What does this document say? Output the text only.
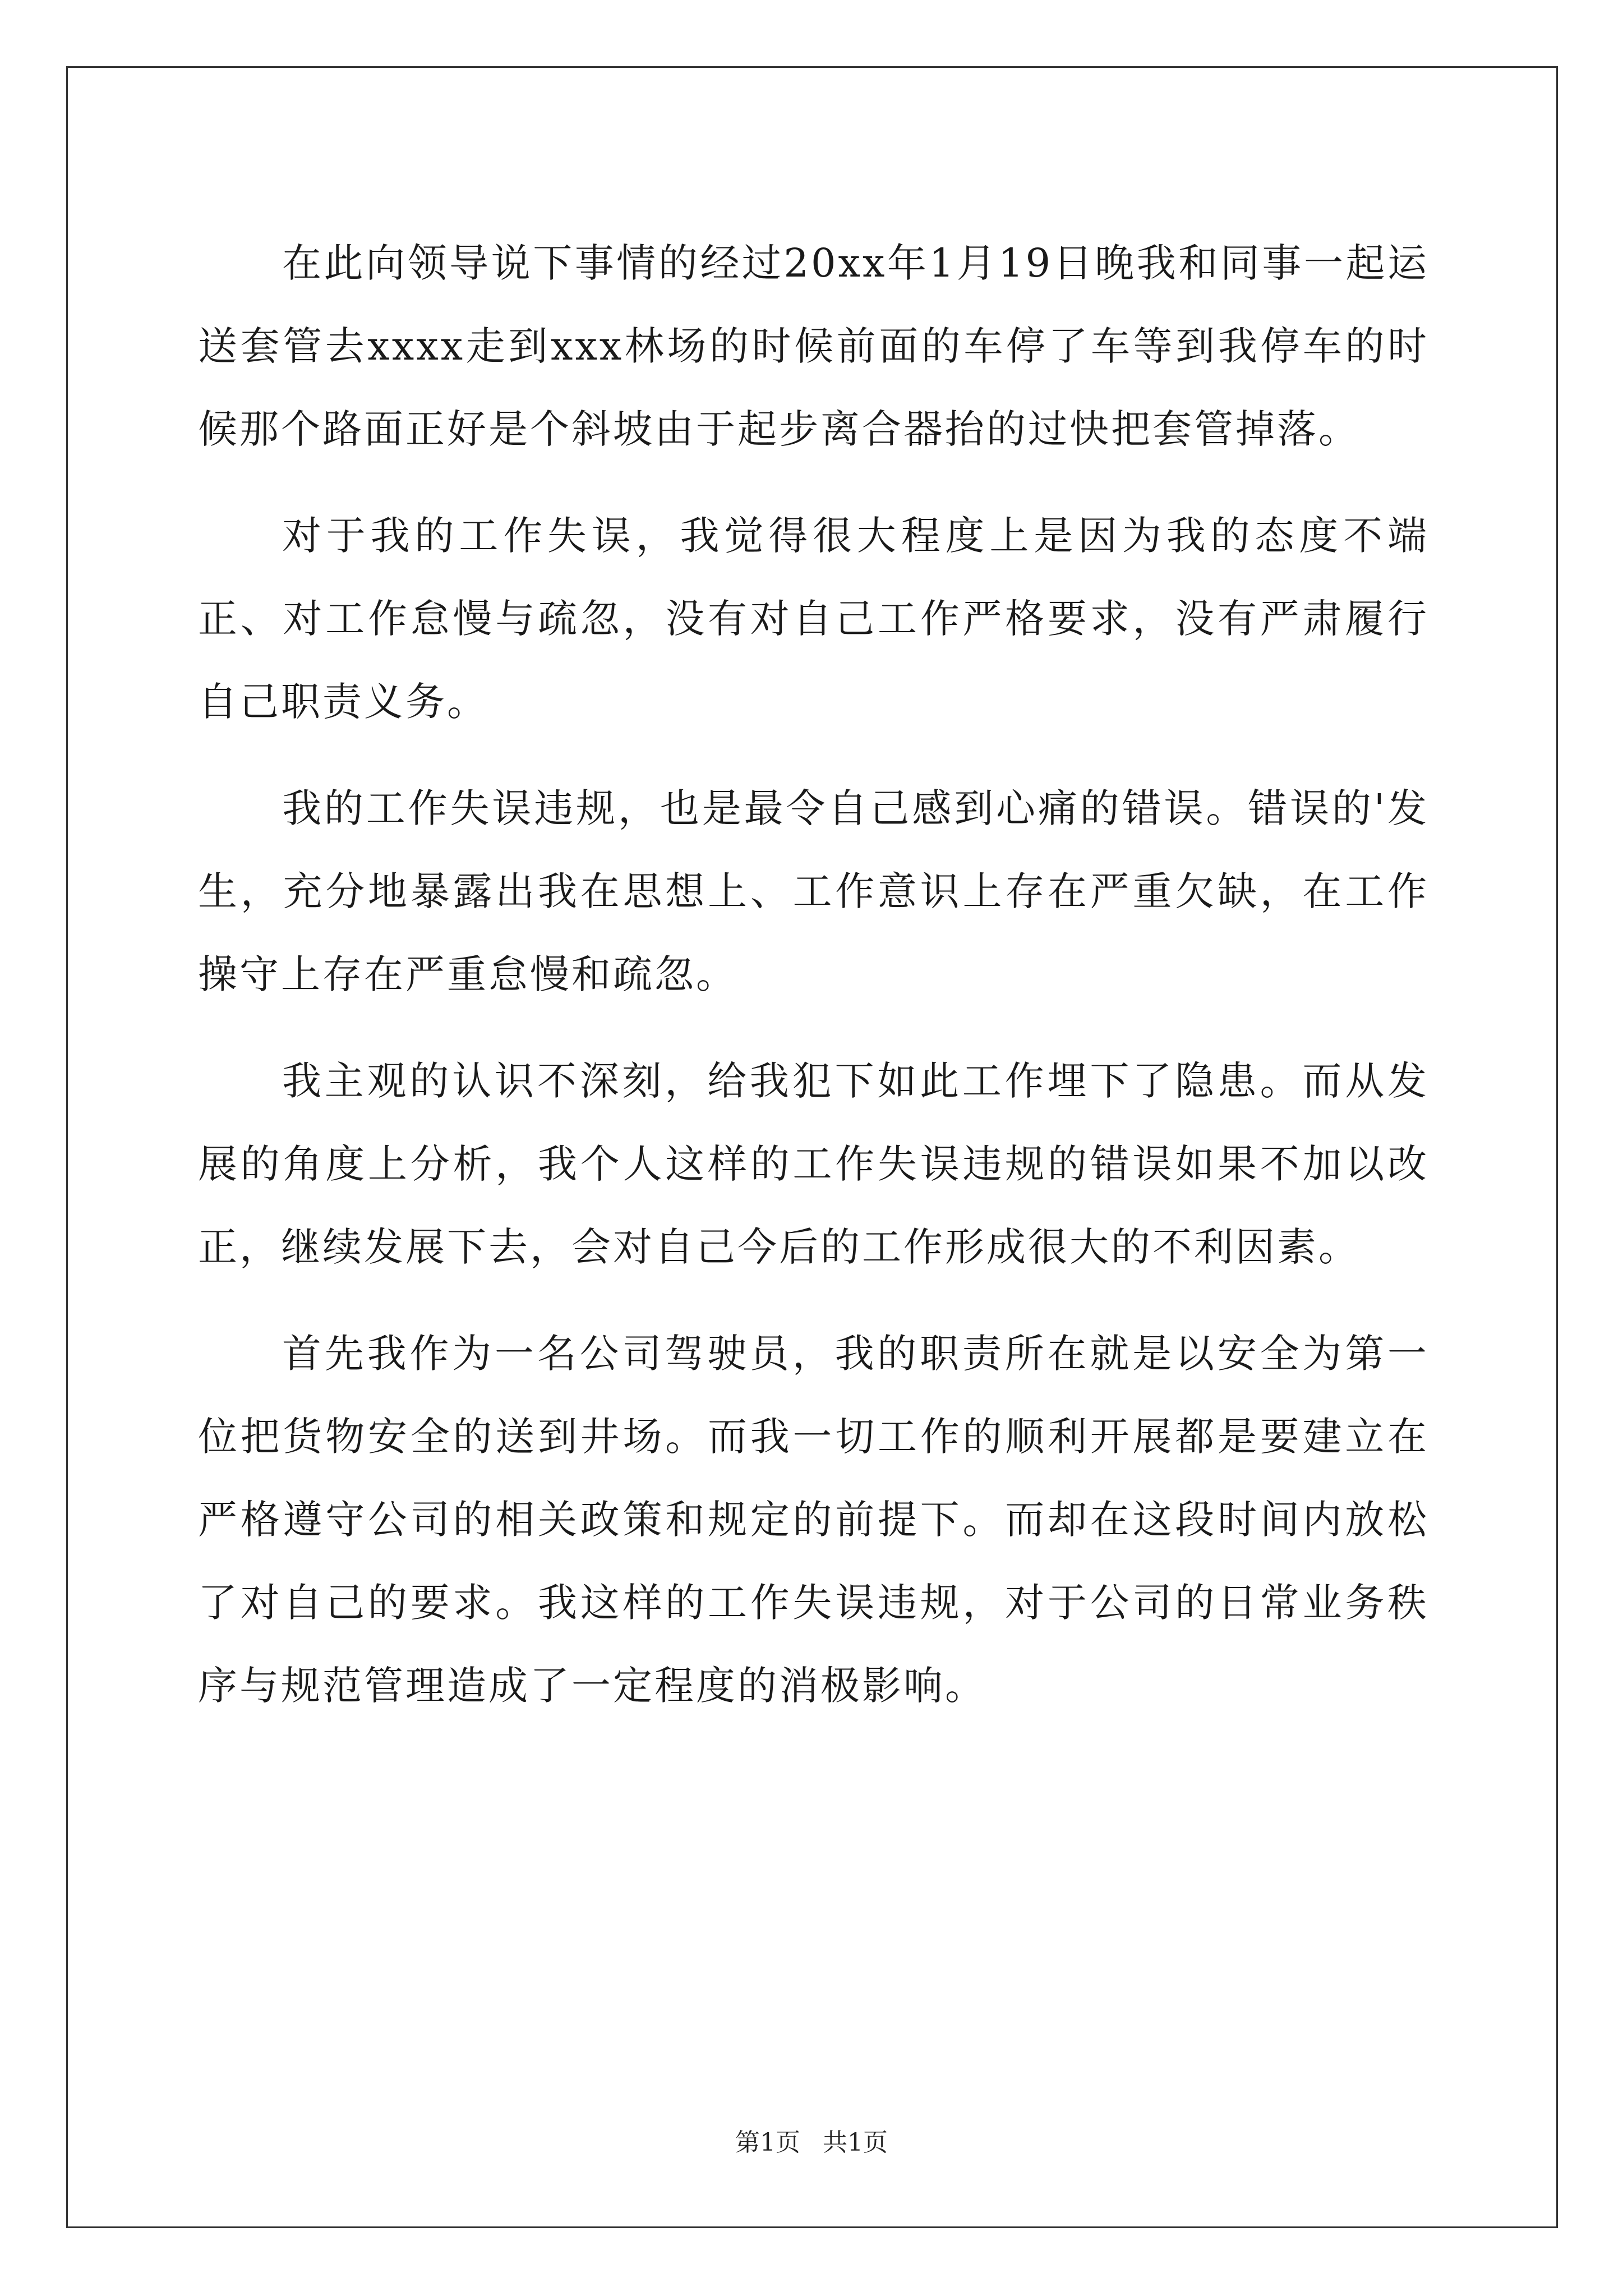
在此向领导说下事情的经过20xx年1月19日晚我和同事一起运送套管去xxxx走到xxx林场的时候前面的车停了车等到我停车的时候那个路面正好是个斜坡由于起步离合器抬的过快把套管掉落。

对于我的工作失误，我觉得很大程度上是因为我的态度不端正、对工作怠慢与疏忽，没有对自己工作严格要求，没有严肃履行自己职责义务。

我的工作失误违规，也是最令自己感到心痛的错误。错误的'发生，充分地暴露出我在思想上、工作意识上存在严重欠缺，在工作操守上存在严重怠慢和疏忽。

我主观的认识不深刻，给我犯下如此工作埋下了隐患。而从发展的角度上分析，我个人这样的工作失误违规的错误如果不加以改正，继续发展下去，会对自己今后的工作形成很大的不利因素。

首先我作为一名公司驾驶员，我的职责所在就是以安全为第一位把货物安全的送到井场。而我一切工作的顺利开展都是要建立在严格遵守公司的相关政策和规定的前提下。而却在这段时间内放松了对自己的要求。我这样的工作失误违规，对于公司的日常业务秩序与规范管理造成了一定程度的消极影响。

第1页 共1页
